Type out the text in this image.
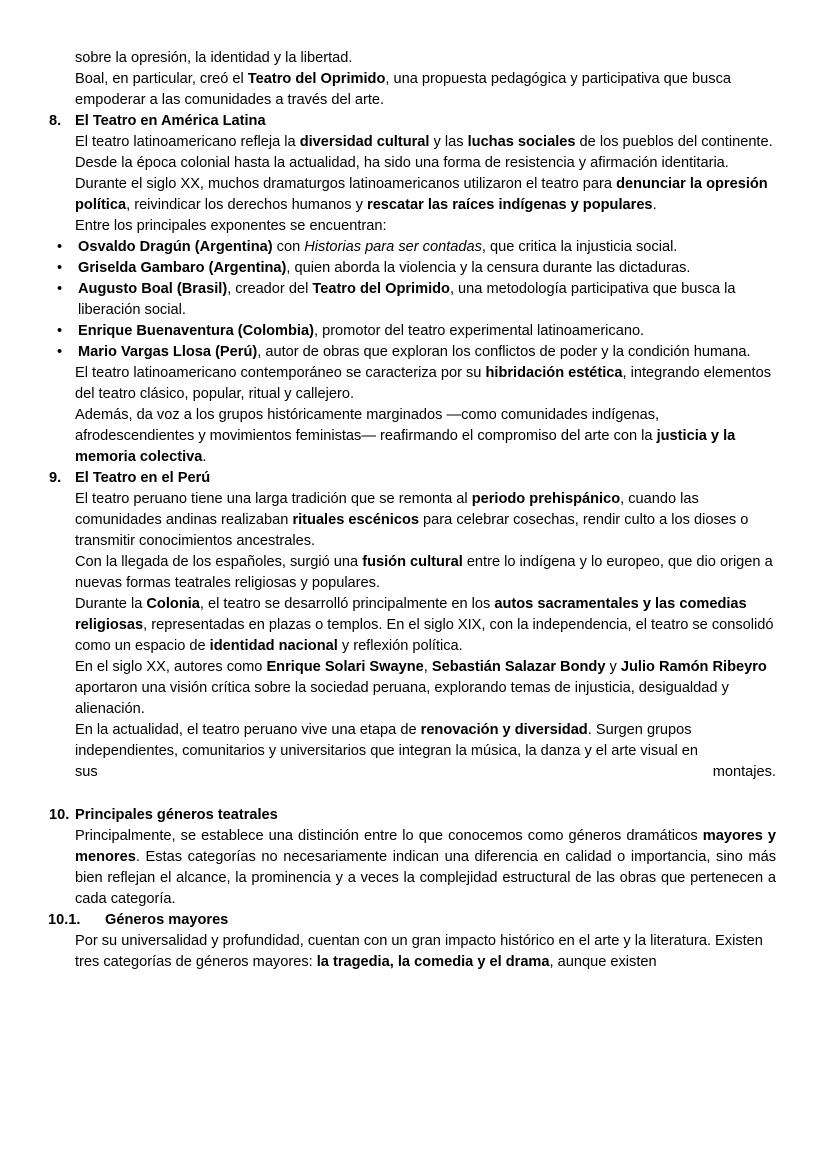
sobre la opresión, la identidad y la libertad.

Boal, en particular, creó el Teatro del Oprimido, una propuesta pedagógica y participativa que busca empoderar a las comunidades a través del arte.

8. El Teatro en América Latina

El teatro latinoamericano refleja la diversidad cultural y las luchas sociales de los pueblos del continente. Desde la época colonial hasta la actualidad, ha sido una forma de resistencia y afirmación identitaria.

Durante el siglo XX, muchos dramaturgos latinoamericanos utilizaron el teatro para denunciar la opresión política, reivindicar los derechos humanos y rescatar las raíces indígenas y populares.

Entre los principales exponentes se encuentran:

• Osvaldo Dragún (Argentina) con Historias para ser contadas, que critica la injusticia social.
• Griselda Gambaro (Argentina), quien aborda la violencia y la censura durante las dictaduras.
• Augusto Boal (Brasil), creador del Teatro del Oprimido, una metodología participativa que busca la liberación social.
• Enrique Buenaventura (Colombia), promotor del teatro experimental latinoamericano.
• Mario Vargas Llosa (Perú), autor de obras que exploran los conflictos de poder y la condición humana.

El teatro latinoamericano contemporáneo se caracteriza por su hibridación estética, integrando elementos del teatro clásico, popular, ritual y callejero.

Además, da voz a los grupos históricamente marginados —como comunidades indígenas, afrodescendientes y movimientos feministas— reafirmando el compromiso del arte con la justicia y la memoria colectiva.

9. El Teatro en el Perú

El teatro peruano tiene una larga tradición que se remonta al periodo prehispánico, cuando las comunidades andinas realizaban rituales escénicos para celebrar cosechas, rendir culto a los dioses o transmitir conocimientos ancestrales.

Con la llegada de los españoles, surgió una fusión cultural entre lo indígena y lo europeo, que dio origen a nuevas formas teatrales religiosas y populares.

Durante la Colonia, el teatro se desarrolló principalmente en los autos sacramentales y las comedias religiosas, representadas en plazas o templos. En el siglo XIX, con la independencia, el teatro se consolidó como un espacio de identidad nacional y reflexión política.

En el siglo XX, autores como Enrique Solari Swayne, Sebastián Salazar Bondy y Julio Ramón Ribeyro aportaron una visión crítica sobre la sociedad peruana, explorando temas de injusticia, desigualdad y alienación.

En la actualidad, el teatro peruano vive una etapa de renovación y diversidad. Surgen grupos independientes, comunitarios y universitarios que integran la música, la danza y el arte visual en

sus	montajes.
10. Principales géneros teatrales

Principalmente, se establece una distinción entre lo que conocemos como géneros dramáticos mayores y menores. Estas categorías no necesariamente indican una diferencia en calidad o importancia, sino más bien reflejan el alcance, la prominencia y a veces la complejidad estructural de las obras que pertenecen a cada categoría.

10.1.	Géneros mayores

Por su universalidad y profundidad, cuentan con un gran impacto histórico en el arte y la literatura. Existen tres categorías de géneros mayores: la tragedia, la comedia y el drama, aunque existen
